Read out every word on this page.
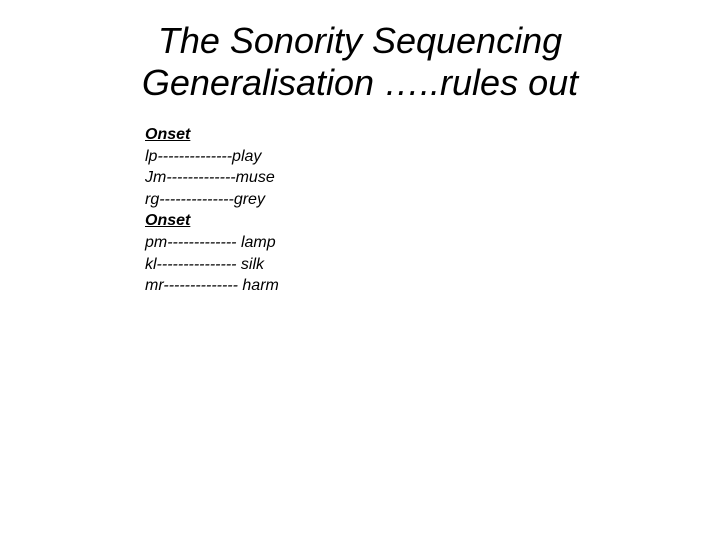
The Sonority Sequencing
Generalisation …..rules out
Onset
lp--------------play
Jm-------------muse
rg--------------grey
Onset
pm------------- lamp
kl--------------- silk
mr-------------- harm
